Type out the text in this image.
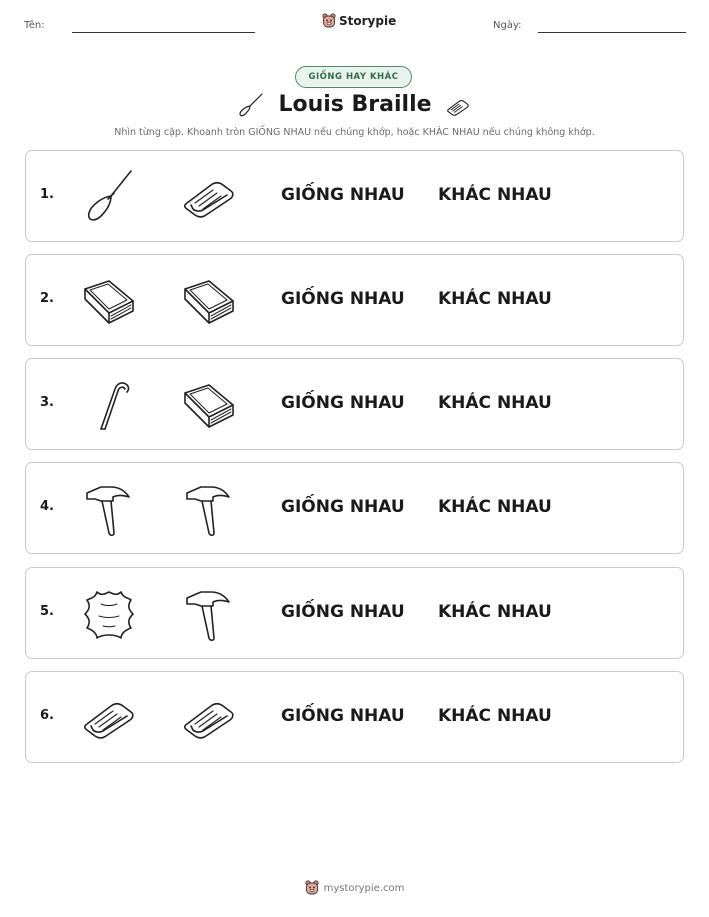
Tên:	Storypie	Ngày:
GIỐNG HAY KHÁC
Louis Braille
Nhìn từng cặp. Khoanh tròn GIỐNG NHAU nếu chúng khớp, hoặc KHÁC NHAU nếu chúng không khớp.
1.	GIỐNG NHAU KHÁC NHAU
2.	GIỐNG NHAU KHÁC NHAU
3.	GIỐNG NHAU KHÁC NHAU
4.	GIỐNG NHAU KHÁC NHAU
5.	GIỐNG NHAU KHÁC NHAU
6.	GIỐNG NHAU KHÁC NHAU
mystorypie.com
